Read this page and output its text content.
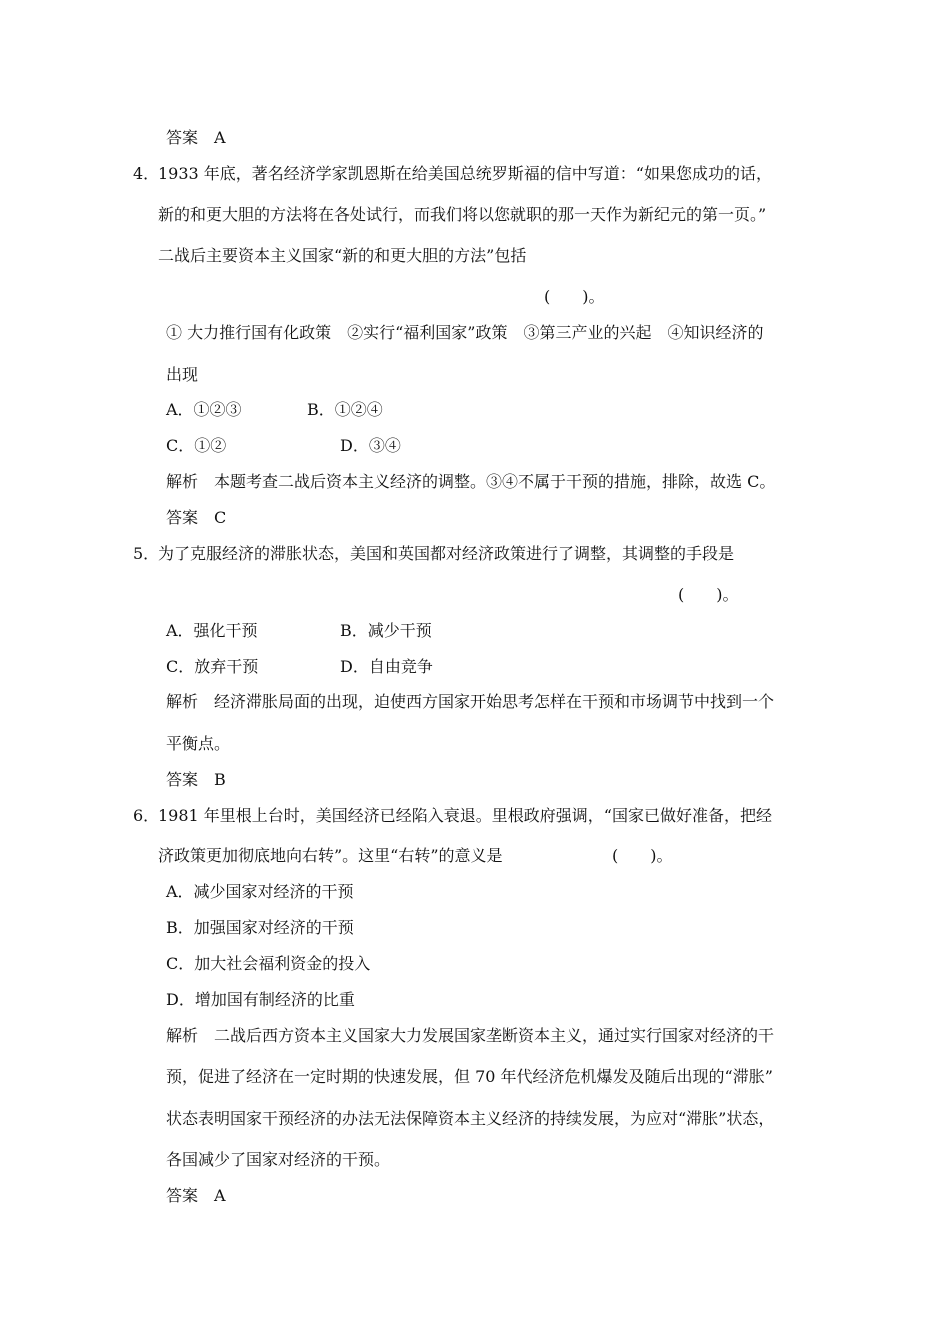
答案　A
4．
1933 年底，著名经济学家凯恩斯在给美国总统罗斯福的信中写道：“如果您成功的话，
新的和更大胆的方法将在各处试行，而我们将以您就职的那一天作为新纪元的第一页。”
二战后主要资本主义国家“新的和更大胆的方法”包括
(　　)。
① 大力推行国有化政策　②实行“福利国家”政策　③第三产业的兴起　④知识经济的
出现
A．①②③	B．①②④
C．①②	D．③④
解析　本题考查二战后资本主义经济的调整。③④不属于干预的措施，排除，故选 C。
答案　C
5．
为了克服经济的滞胀状态，美国和英国都对经济政策进行了调整，其调整的手段是
(　　)。
A．强化干预	B．减少干预
C．放弃干预	D．自由竞争
解析　经济滞胀局面的出现，迫使西方国家开始思考怎样在干预和市场调节中找到一个
平衡点。
答案　B
6．
1981 年里根上台时，美国经济已经陷入衰退。里根政府强调，“国家已做好准备，把经
济政策更加彻底地向右转”。这里“右转”的意义是	(　　)。
A．减少国家对经济的干预
B．加强国家对经济的干预
C．加大社会福利资金的投入
D．增加国有制经济的比重
解析　二战后西方资本主义国家大力发展国家垄断资本主义，通过实行国家对经济的干
预，促进了经济在一定时期的快速发展，但 70 年代经济危机爆发及随后出现的“滞胀”
状态表明国家干预经济的办法无法保障资本主义经济的持续发展，为应对“滞胀”状态，
各国减少了国家对经济的干预。
答案　A
